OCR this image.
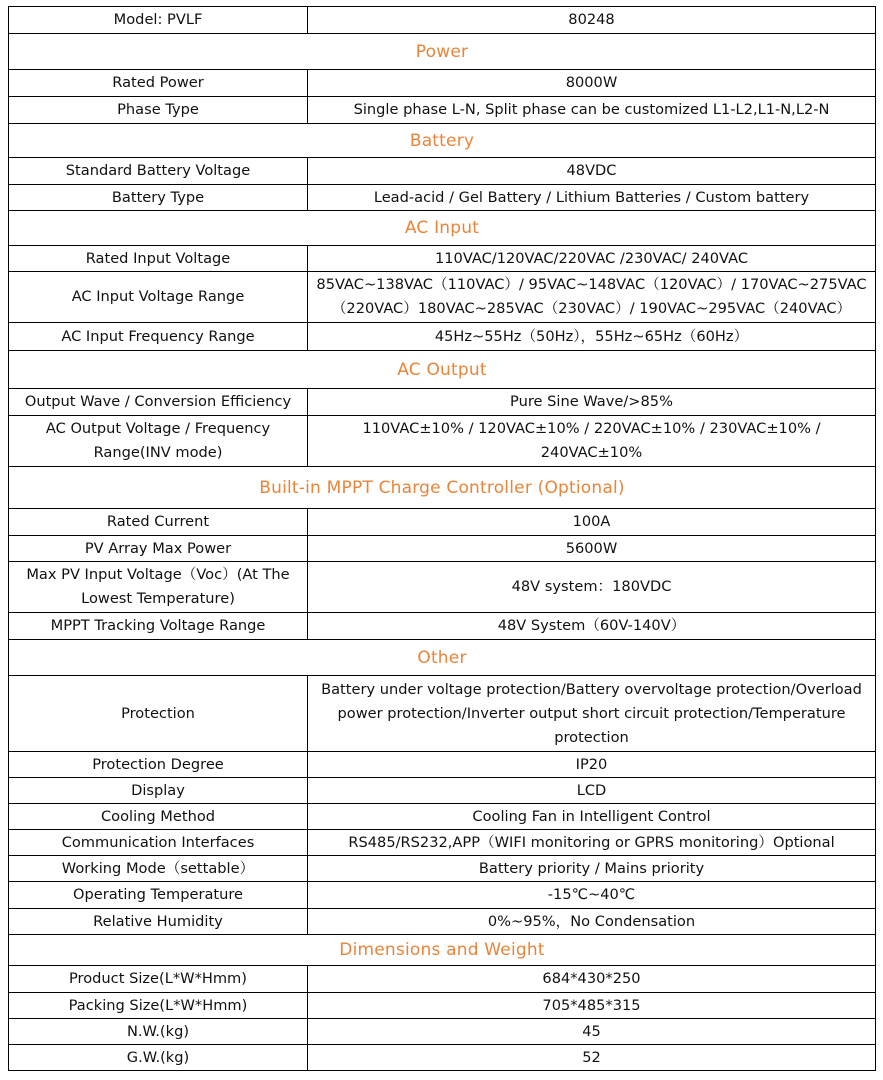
Model: PVLF	80248
Power	
Rated Power	8000W
Phase Type	Single phase L-N, Split phase can be customized L1-L2,L1-N,L2-N
Battery	
Standard Battery Voltage	48VDC
Battery Type	Lead-acid / Gel Battery / Lithium Batteries / Custom battery
AC Input	
Rated Input Voltage	110VAC/120VAC/220VAC /230VAC/ 240VAC
AC Input Voltage Range	85VAC~138VAC（110VAC）/ 95VAC~148VAC（120VAC）/ 170VAC~275VAC（220VAC）180VAC~285VAC（230VAC）/ 190VAC~295VAC（240VAC）
AC Input Frequency Range	45Hz~55Hz（50Hz），55Hz~65Hz（60Hz）
AC Output	
Output Wave / Conversion Efficiency	Pure Sine Wave/>85%
AC Output Voltage / Frequency Range(INV mode)	110VAC±10% / 120VAC±10% / 220VAC±10% / 230VAC±10% / 240VAC±10%
Built-in MPPT Charge Controller (Optional)	
Rated Current	100A
PV Array Max Power	5600W
Max PV Input Voltage（Voc）(At The Lowest Temperature)	48V system：180VDC
MPPT Tracking Voltage Range	48V System（60V-140V）
Other	
Protection	Battery under voltage protection/Battery overvoltage protection/Overload power protection/Inverter output short circuit protection/Temperature protection
Protection Degree	IP20
Display	LCD
Cooling Method	Cooling Fan in Intelligent Control
Communication Interfaces	RS485/RS232,APP（WIFI monitoring or GPRS monitoring）Optional
Working Mode（settable）	Battery priority / Mains priority
Operating Temperature	-15℃~40℃
Relative Humidity	0%~95%，No Condensation
Dimensions and Weight	
Product Size(L*W*Hmm)	684*430*250
Packing Size(L*W*Hmm)	705*485*315
N.W.(kg)	45
G.W.(kg)	52
